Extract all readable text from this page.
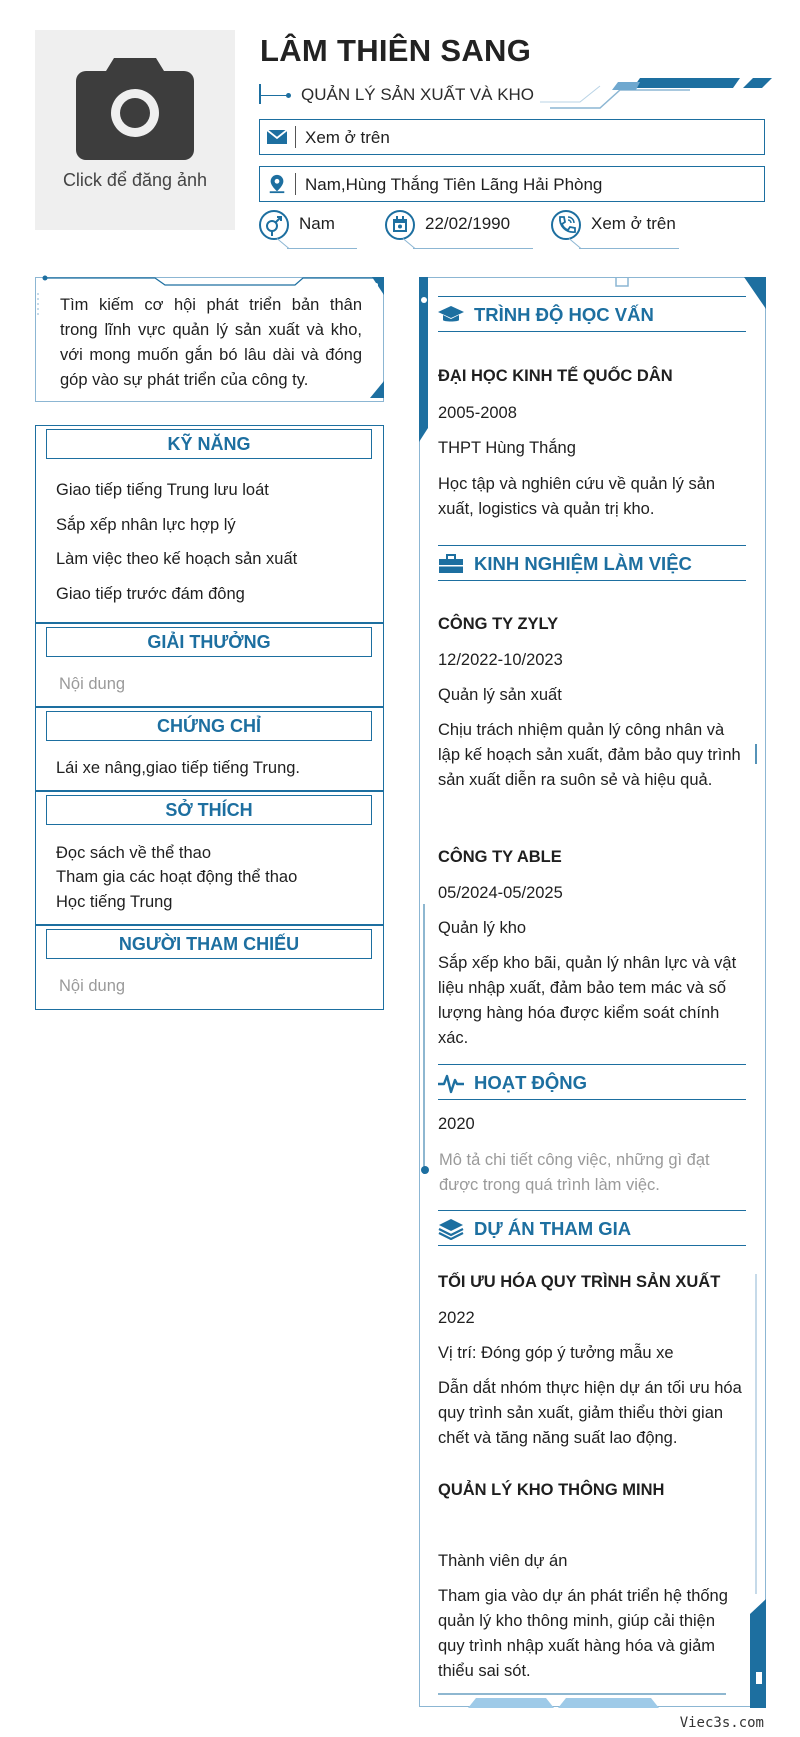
Click để đăng ảnh
LÂM THIÊN SANG
QUẢN LÝ SẢN XUẤT VÀ KHO
Xem ở trên
Nam,Hùng Thắng Tiên Lãng Hải Phòng
Nam	22/02/1990	Xem ở trên
Tìm kiếm cơ hội phát triển bản thân trong lĩnh vực quản lý sản xuất và kho, với mong muốn gắn bó lâu dài và đóng góp vào sự phát triển của công ty.
KỸ NĂNG
Giao tiếp tiếng Trung lưu loát
Sắp xếp nhân lực hợp lý
Làm việc theo kế hoạch sản xuất
Giao tiếp trước đám đông
GIẢI THƯỞNG
Nội dung
CHỨNG CHỈ
Lái xe nâng,giao tiếp tiếng Trung.
SỞ THÍCH
Đọc sách về thể thao
Tham gia các hoạt động thể thao
Học tiếng Trung
NGƯỜI THAM CHIẾU
Nội dung
TRÌNH ĐỘ HỌC VẤN
ĐẠI HỌC KINH TẾ QUỐC DÂN
2005-2008
THPT Hùng Thắng
Học tập và nghiên cứu về quản lý sản xuất, logistics và quản trị kho.
KINH NGHIỆM LÀM VIỆC
CÔNG TY ZYLY
12/2022-10/2023
Quản lý sản xuất
Chịu trách nhiệm quản lý công nhân và lập kế hoạch sản xuất, đảm bảo quy trình sản xuất diễn ra suôn sẻ và hiệu quả.
CÔNG TY ABLE
05/2024-05/2025
Quản lý kho
Sắp xếp kho bãi, quản lý nhân lực và vật liệu nhập xuất, đảm bảo tem mác và số lượng hàng hóa được kiểm soát chính xác.
HOẠT ĐỘNG
2020
Mô tả chi tiết công việc, những gì đạt được trong quá trình làm việc.
DỰ ÁN THAM GIA
TỐI ƯU HÓA QUY TRÌNH SẢN XUẤT
2022
Vị trí: Đóng góp ý tưởng mẫu xe
Dẫn dắt nhóm thực hiện dự án tối ưu hóa quy trình sản xuất, giảm thiểu thời gian chết và tăng năng suất lao động.
QUẢN LÝ KHO THÔNG MINH
Thành viên dự án
Tham gia vào dự án phát triển hệ thống quản lý kho thông minh, giúp cải thiện quy trình nhập xuất hàng hóa và giảm thiểu sai sót.
Viec3s.com
